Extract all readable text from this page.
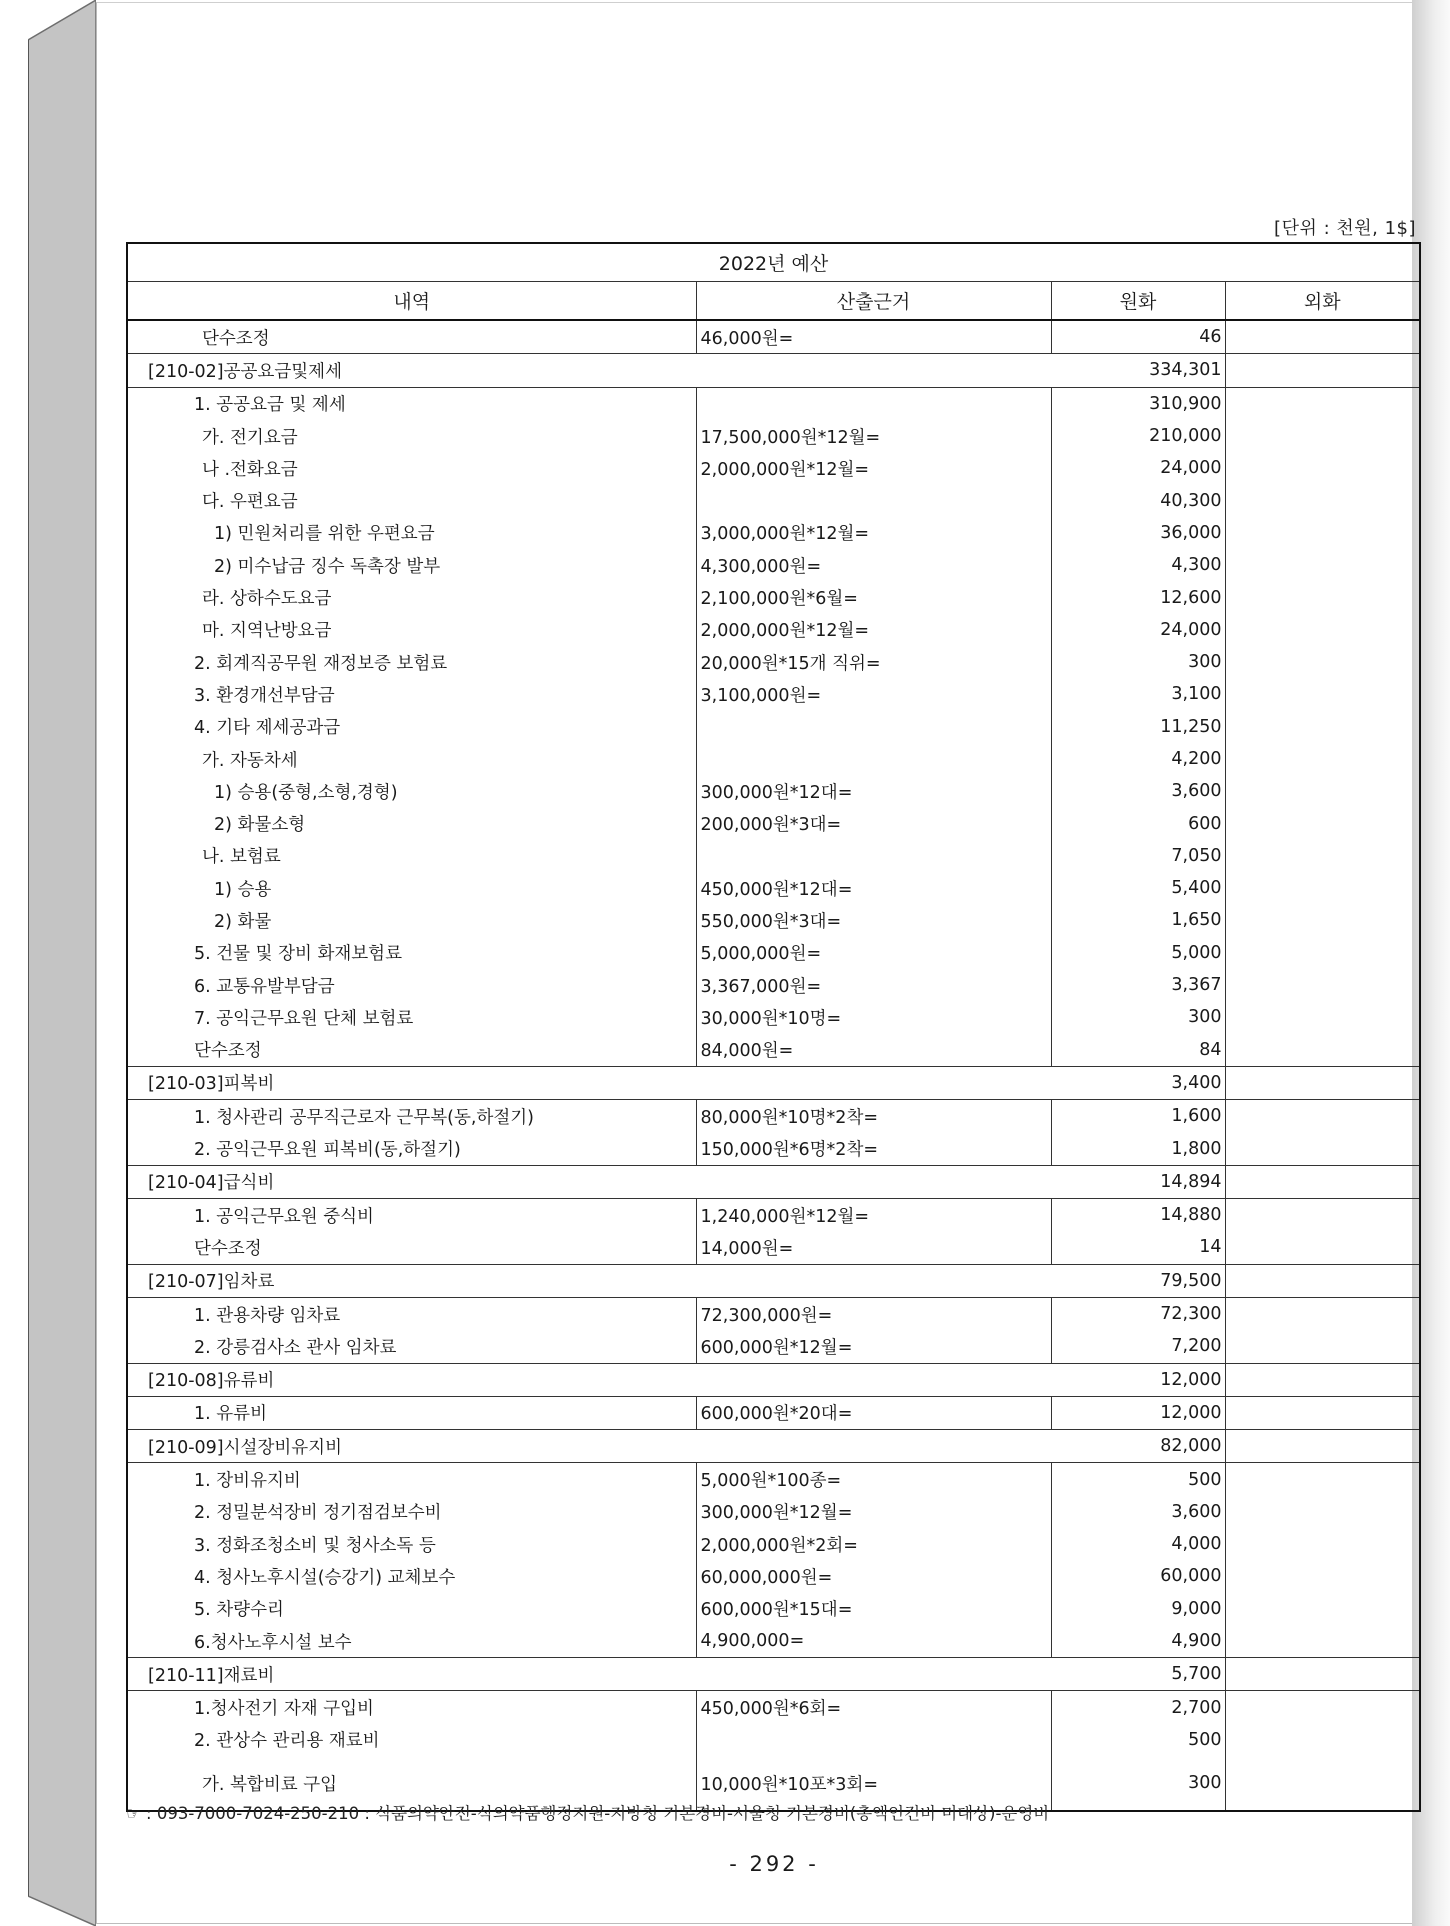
[단위 : 천원, 1$]
2022년 예산			
내역	산출근거	원화	외화
단수조정	46,000원=	46	
[210-02]공공요금및제세		334,301	
1. 공공요금 및 제세		310,900	
가. 전기요금	17,500,000원*12월=	210,000	
나 .전화요금	2,000,000원*12월=	24,000	
다. 우편요금		40,300	
1) 민원처리를 위한 우편요금	3,000,000원*12월=	36,000	
2) 미수납금 징수 독촉장 발부	4,300,000원=	4,300	
라. 상하수도요금	2,100,000원*6월=	12,600	
마. 지역난방요금	2,000,000원*12월=	24,000	
2. 회계직공무원 재정보증 보험료	20,000원*15개 직위=	300	
3. 환경개선부담금	3,100,000원=	3,100	
4. 기타 제세공과금		11,250	
가. 자동차세		4,200	
1) 승용(중형,소형,경형)	300,000원*12대=	3,600	
2) 화물소형	200,000원*3대=	600	
나. 보험료		7,050	
1) 승용	450,000원*12대=	5,400	
2) 화물	550,000원*3대=	1,650	
5. 건물 및 장비 화재보험료	5,000,000원=	5,000	
6. 교통유발부담금	3,367,000원=	3,367	
7. 공익근무요원 단체 보험료	30,000원*10명=	300	
단수조정	84,000원=	84	
[210-03]피복비		3,400	
1. 청사관리 공무직근로자 근무복(동,하절기)	80,000원*10명*2착=	1,600	
2. 공익근무요원 피복비(동,하절기)	150,000원*6명*2착=	1,800	
[210-04]급식비		14,894	
1. 공익근무요원 중식비	1,240,000원*12월=	14,880	
단수조정	14,000원=	14	
[210-07]임차료		79,500	
1. 관용차량 임차료	72,300,000원=	72,300	
2. 강릉검사소 관사 임차료	600,000원*12월=	7,200	
[210-08]유류비		12,000	
1. 유류비	600,000원*20대=	12,000	
[210-09]시설장비유지비		82,000	
1. 장비유지비	5,000원*100종=	500	
2. 정밀분석장비 정기점검보수비	300,000원*12월=	3,600	
3. 정화조청소비 및 청사소독 등	2,000,000원*2회=	4,000	
4. 청사노후시설(승강기) 교체보수	60,000,000원=	60,000	
5. 차량수리	600,000원*15대=	9,000	
6.청사노후시설 보수	4,900,000=	4,900	
[210-11]재료비		5,700	
1.청사전기 자재 구입비	450,000원*6회=	2,700	
2. 관상수 관리용 재료비		500	
가. 복합비료 구입	10,000원*10포*3회=	300	
☞ : 093-7000-7024-250-210 : 식품의약안전-식의약품행정지원-지방청 기본경비-서울청 기본경비(총액인건비 미대상)-운영비
- 292 -
